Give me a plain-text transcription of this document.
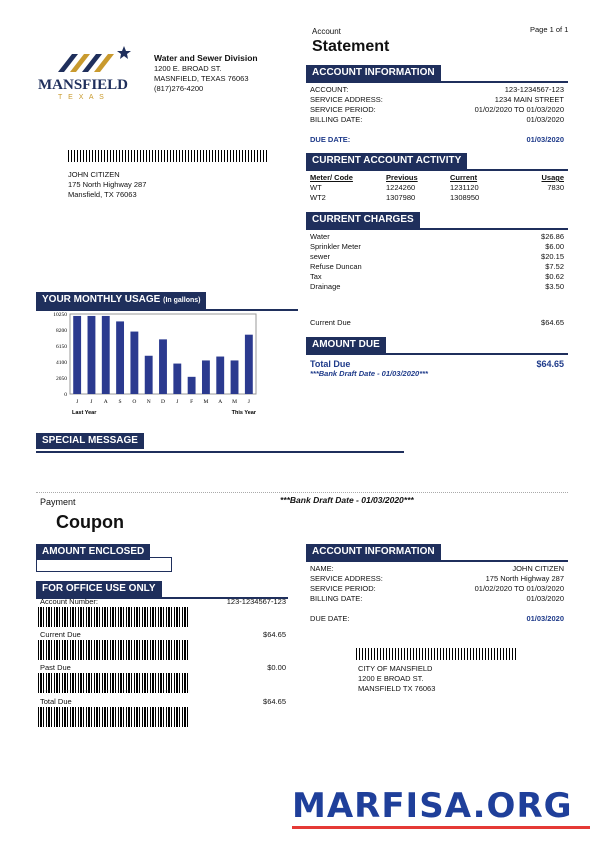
Account
Statement
Page 1 of 1
MANSFIELD
T E X A S
Water and Sewer Division
1200 E. BROAD ST.
MASNFIELD, TEXAS 76063
(817)276-4200
JOHN CITIZEN
175 North Highway 287
Mansfield, TX 76063
ACCOUNT INFORMATION
ACCOUNT:	123-1234567-123
SERVICE ADDRESS:	1234 MAIN STREET
SERVICE PERIOD:	01/02/2020 TO 01/03/2020
BILLING DATE:	01/03/2020
DUE DATE:	01/03/2020
CURRENT ACCOUNT ACTIVITY
Meter/ Code	Previous	Current	Usage
WT	1224260	1231120	7830
WT2	1307980	1308950
CURRENT CHARGES
Water	$26.86
Sprinkler Meter	$6.00
sewer	$20.15
Refuse Duncan	$7.52
Tax	$0.62
Drainage	$3.50
Current Due	$64.65
AMOUNT DUE
Total Due	$64.65
***Bank Draft Date - 01/03/2020***
YOUR MONTHLY USAGE (In gallons)
10250
8200
6150
4100
2050
0
J J A S O N D J F M A M J
Last Year	This Year
SPECIAL MESSAGE
Payment
Coupon
***Bank Draft Date - 01/03/2020***
AMOUNT ENCLOSED
FOR OFFICE USE ONLY
Account Number:	123-1234567-123
Current Due	$64.65
Past Due	$0.00
Total Due	$64.65
ACCOUNT INFORMATION
NAME:	JOHN CITIZEN
SERVICE ADDRESS:	175 North Highway 287
SERVICE PERIOD:	01/02/2020 TO 01/03/2020
BILLING DATE:	01/03/2020
DUE DATE:	01/03/2020
CITY OF MANSFIELD
1200 E BROAD ST.
MANSFIELD TX 76063
MARFISA.ORG
